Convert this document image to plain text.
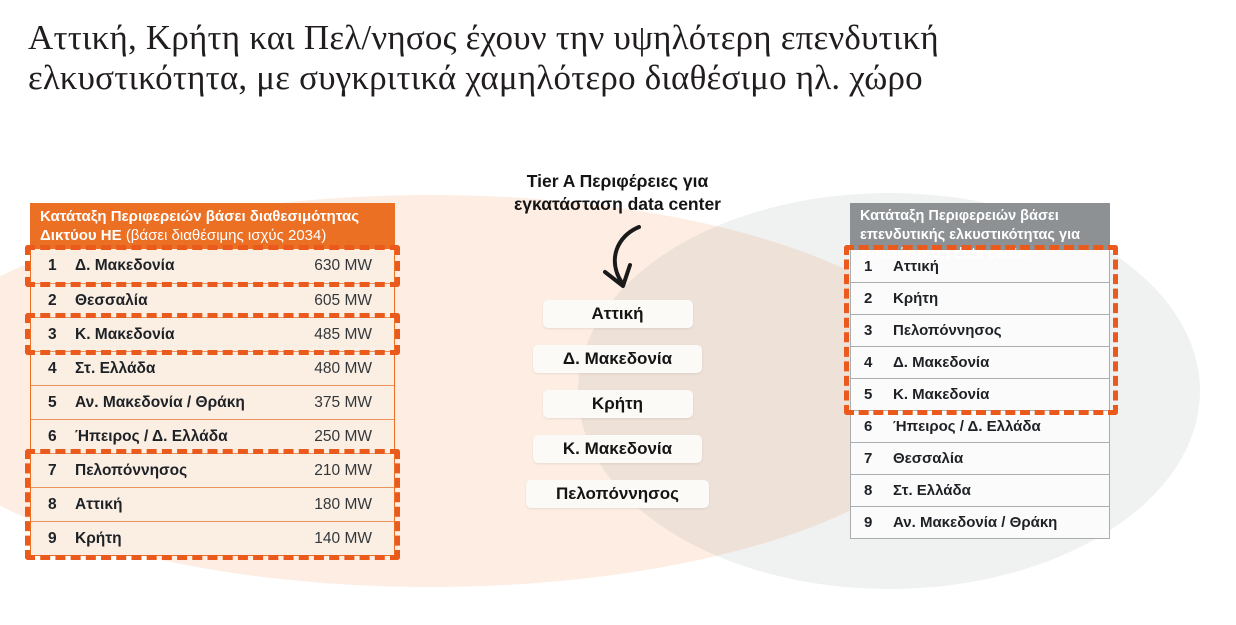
Αττική, Κρήτη και Πελ/νησος έχουν την υψηλότερη επενδυτική
ελκυστικότητα, με συγκριτικά χαμηλότερο διαθέσιμο ηλ. χώρο
Κατάταξη Περιφερειών βάσει διαθεσιμότητας Δικτύου ΗΕ (βάσει διαθέσιμης ισχύς 2034)
1	Δ. Μακεδονία	630 MW
2	Θεσσαλία	605 MW
3	Κ. Μακεδονία	485 MW
4	Στ. Ελλάδα	480 MW
5	Αν. Μακεδονία / Θράκη	375 MW
6	Ήπειρος / Δ. Ελλάδα	250 MW
7	Πελοπόννησος	210 MW
8	Αττική	180 MW
9	Κρήτη	140 MW

Tier A Περιφέρειες για
εγκατάσταση data center

Αττική
Δ. Μακεδονία
Κρήτη
Κ. Μακεδονία
Πελοπόννησος
Κατάταξη Περιφερειών βάσει επενδυτικής ελκυστικότητας για εγκατάσταση data center
1	Αττική
2	Κρήτη
3	Πελοπόννησος
4	Δ. Μακεδονία
5	Κ. Μακεδονία
6	Ήπειρος / Δ. Ελλάδα
7	Θεσσαλία
8	Στ. Ελλάδα
9	Αν. Μακεδονία / Θράκη
